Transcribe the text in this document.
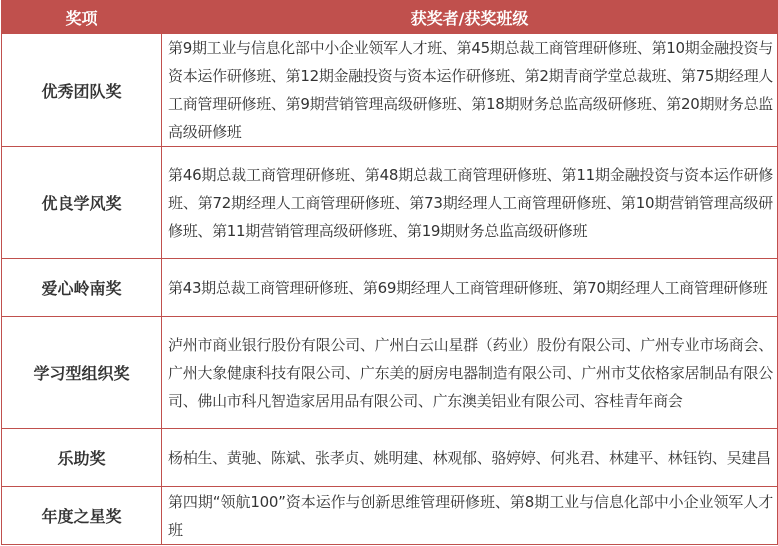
奖项	获奖者/获奖班级
优秀团队奖	第9期工业与信息化部中小企业领军人才班、第45期总裁工商管理研修班、第10期金融投资与资本运作研修班、第12期金融投资与资本运作研修班、第2期青商学堂总裁班、第75期经理人工商管理研修班、第9期营销管理高级研修班、第18期财务总监高级研修班、第20期财务总监高级研修班
优良学风奖	第46期总裁工商管理研修班、第48期总裁工商管理研修班、第11期金融投资与资本运作研修班、第72期经理人工商管理研修班、第73期经理人工商管理研修班、第10期营销管理高级研修班、第11期营销管理高级研修班、第19期财务总监高级研修班
爱心岭南奖	第43期总裁工商管理研修班、第69期经理人工商管理研修班、第70期经理人工商管理研修班
学习型组织奖	泸州市商业银行股份有限公司、广州白云山星群（药业）股份有限公司、广州专业市场商会、广州大象健康科技有限公司、广东美的厨房电器制造有限公司、广州市艾依格家居制品有限公司、佛山市科凡智造家居用品有限公司、广东澳美铝业有限公司、容桂青年商会
乐助奖	杨柏生、黄驰、陈斌、张孝贞、姚明建、林观郁、骆婷婷、何兆君、林建平、林钰钧、吴建昌
年度之星奖	第四期“领航100”资本运作与创新思维管理研修班、第8期工业与信息化部中小企业领军人才班
